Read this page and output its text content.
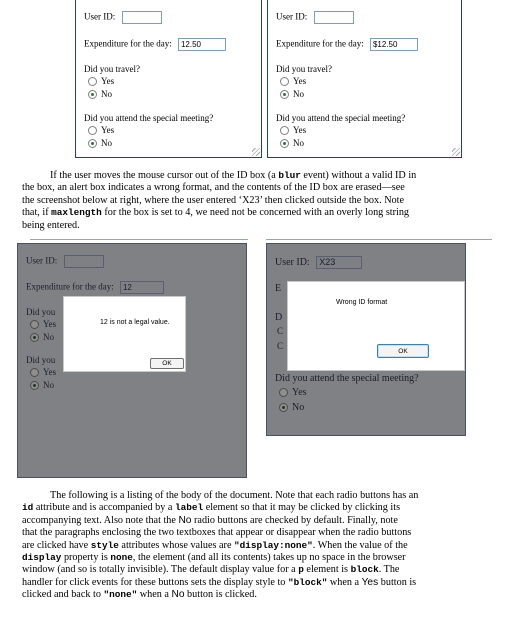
User ID:
Expenditure for the day: 12.50
Did you travel?
Yes
No
Did you attend the special meeting?
Yes
No
User ID:
Expenditure for the day: $12.50
Did you travel?
Yes
No
Did you attend the special meeting?
Yes
No
If the user moves the mouse cursor out of the ID box (a blur event) without a valid ID in
the box, an alert box indicates a wrong format, and the contents of the ID box are erased—see
the screenshot below at right, where the user entered ‘X23’ then clicked outside the box. Note
that, if maxlength for the box is set to 4, we need not be concerned with an overly long string
being entered.
User ID:
Expenditure for the day: 12
Did you
Yes
No
Did you
Yes
No
12 is not a legal value.
OK
User ID: X23
E
D
C
C
Did you attend the special meeting?
Yes
No
Wrong ID format
OK
The following is a listing of the body of the document. Note that each radio buttons has an
id attribute and is accompanied by a label element so that it may be clicked by clicking its
accompanying text. Also note that the No radio buttons are checked by default. Finally, note
that the paragraphs enclosing the two textboxes that appear or disappear when the radio buttons
are clicked have style attributes whose values are "display:none". When the value of the
display property is none, the element (and all its contents) takes up no space in the browser
window (and so is totally invisible). The default display value for a p element is block. The
handler for click events for these buttons sets the display style to "block" when a Yes button is
clicked and back to "none" when a No button is clicked.
